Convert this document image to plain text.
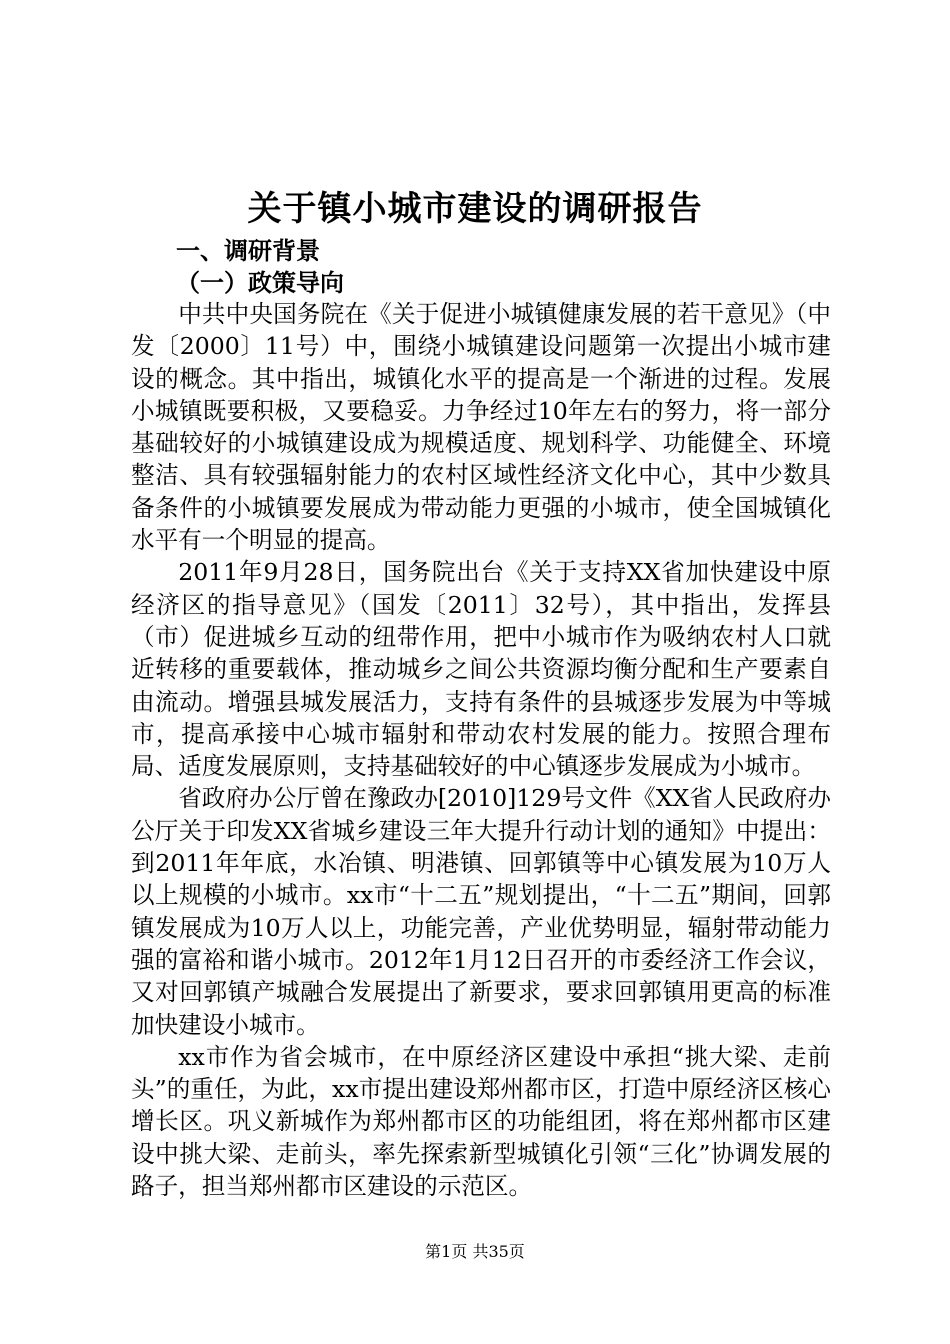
关于镇小城市建设的调研报告
一、调研背景
（一）政策导向

中共中央国务院在《关于促进小城镇健康发展的若干意见》（中发〔2000〕11号）中，围绕小城镇建设问题第一次提出小城市建设的概念。其中指出，城镇化水平的提高是一个渐进的过程。发展小城镇既要积极，又要稳妥。力争经过10年左右的努力，将一部分基础较好的小城镇建设成为规模适度、规划科学、功能健全、环境整洁、具有较强辐射能力的农村区域性经济文化中心，其中少数具备条件的小城镇要发展成为带动能力更强的小城市，使全国城镇化水平有一个明显的提高。

2011年9月28日，国务院出台《关于支持XX省加快建设中原经济区的指导意见》（国发〔2011〕32号），其中指出，发挥县（市）促进城乡互动的纽带作用，把中小城市作为吸纳农村人口就近转移的重要载体，推动城乡之间公共资源均衡分配和生产要素自由流动。增强县城发展活力，支持有条件的县城逐步发展为中等城市，提高承接中心城市辐射和带动农村发展的能力。按照合理布局、适度发展原则，支持基础较好的中心镇逐步发展成为小城市。

省政府办公厅曾在豫政办[2010]129号文件《XX省人民政府办公厅关于印发XX省城乡建设三年大提升行动计划的通知》中提出：到2011年年底，水冶镇、明港镇、回郭镇等中心镇发展为10万人以上规模的小城市。xx市“十二五”规划提出，“十二五”期间，回郭镇发展成为10万人以上，功能完善，产业优势明显，辐射带动能力强的富裕和谐小城市。2012年1月12日召开的市委经济工作会议，又对回郭镇产城融合发展提出了新要求，要求回郭镇用更高的标准加快建设小城市。

xx市作为省会城市，在中原经济区建设中承担“挑大梁、走前头”的重任，为此，xx市提出建设郑州都市区，打造中原经济区核心增长区。巩义新城作为郑州都市区的功能组团，将在郑州都市区建设中挑大梁、走前头，率先探索新型城镇化引领“三化”协调发展的路子，担当郑州都市区建设的示范区。

第1页 共35页
